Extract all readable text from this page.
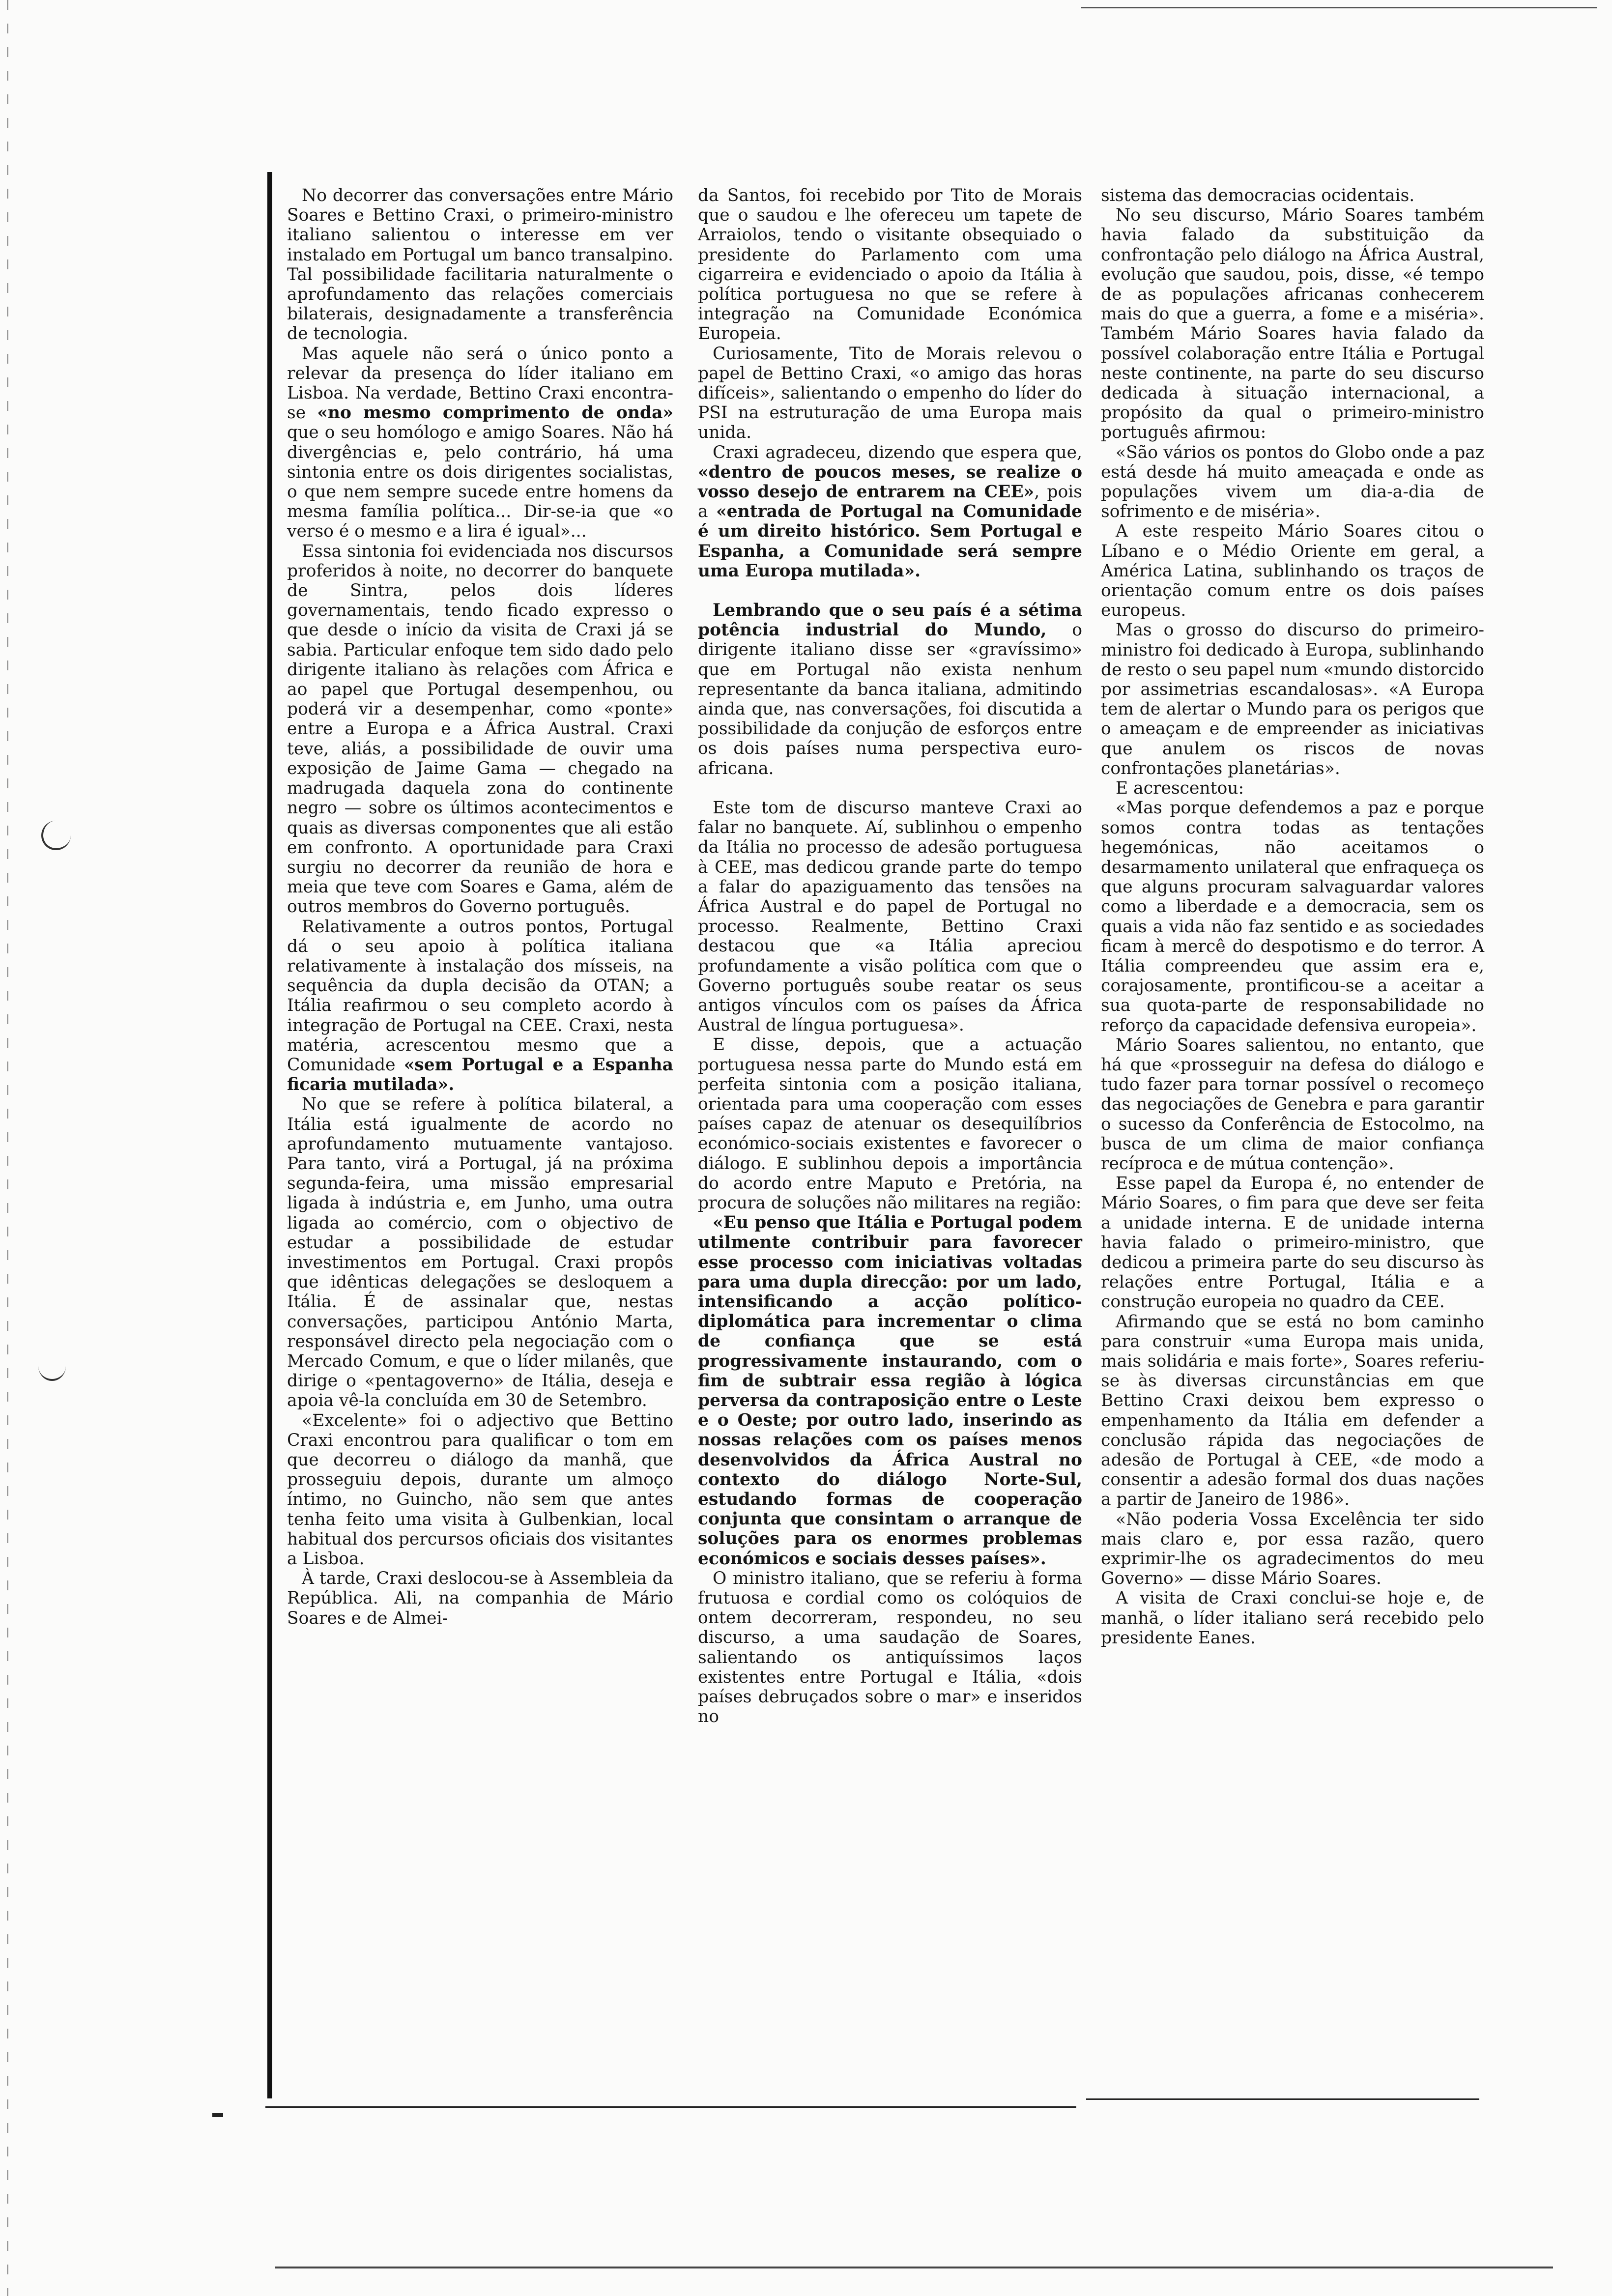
No decorrer das conversações entre Mário Soares e Bettino Craxi, o primeiro-ministro italiano salientou o interesse em ver instalado em Portugal um banco transalpino. Tal possibilidade facilitaria naturalmente o aprofundamento das relações comerciais bilaterais, designadamente a transferência de tecnologia.

Mas aquele não será o único ponto a relevar da presença do líder italiano em Lisboa. Na verdade, Bettino Craxi encontra-se «no mesmo comprimento de onda» que o seu homólogo e amigo Soares. Não há divergências e, pelo contrário, há uma sintonia entre os dois dirigentes socialistas, o que nem sempre sucede entre homens da mesma família política... Dir-se-ia que «o verso é o mesmo e a lira é igual»...

Essa sintonia foi evidenciada nos discursos proferidos à noite, no decorrer do banquete de Sintra, pelos dois líderes governamentais, tendo ficado expresso o que desde o início da visita de Craxi já se sabia. Particular enfoque tem sido dado pelo dirigente italiano às relações com África e ao papel que Portugal desempenhou, ou poderá vir a desempenhar, como «ponte» entre a Europa e a África Austral. Craxi teve, aliás, a possibilidade de ouvir uma exposição de Jaime Gama — chegado na madrugada daquela zona do continente negro — sobre os últimos acontecimentos e quais as diversas componentes que ali estão em confronto. A oportunidade para Craxi surgiu no decorrer da reunião de hora e meia que teve com Soares e Gama, além de outros membros do Governo português.

Relativamente a outros pontos, Portugal dá o seu apoio à política italiana relativamente à instalação dos mísseis, na sequência da dupla decisão da OTAN; a Itália reafirmou o seu completo acordo à integração de Portugal na CEE. Craxi, nesta matéria, acrescentou mesmo que a Comunidade «sem Portugal e a Espanha ficaria mutilada».

No que se refere à política bilateral, a Itália está igualmente de acordo no aprofundamento mutuamente vantajoso. Para tanto, virá a Portugal, já na próxima segunda-feira, uma missão empresarial ligada à indústria e, em Junho, uma outra ligada ao comércio, com o objectivo de estudar a possibilidade de estudar investimentos em Portugal. Craxi propôs que idênticas delegações se desloquem a Itália. É de assinalar que, nestas conversações, participou António Marta, responsável directo pela negociação com o Mercado Comum, e que o líder milanês, que dirige o «pentagoverno» de Itália, deseja e apoia vê-la concluída em 30 de Setembro.

«Excelente» foi o adjectivo que Bettino Craxi encontrou para qualificar o tom em que decorreu o diálogo da manhã, que prosseguiu depois, durante um almoço íntimo, no Guincho, não sem que antes tenha feito uma visita à Gulbenkian, local habitual dos percursos oficiais dos visitantes a Lisboa.

À tarde, Craxi deslocou-se à Assembleia da República. Ali, na companhia de Mário Soares e de Almei-

da Santos, foi recebido por Tito de Morais que o saudou e lhe ofereceu um tapete de Arraiolos, tendo o visitante obsequiado o presidente do Parlamento com uma cigarreira e evidenciado o apoio da Itália à política portuguesa no que se refere à integração na Comunidade Económica Europeia.

Curiosamente, Tito de Morais relevou o papel de Bettino Craxi, «o amigo das horas difíceis», salientando o empenho do líder do PSI na estruturação de uma Europa mais unida.

Craxi agradeceu, dizendo que espera que, «dentro de poucos meses, se realize o vosso desejo de entrarem na CEE», pois a «entrada de Portugal na Comunidade é um direito histórico. Sem Portugal e Espanha, a Comunidade será sempre uma Europa mutilada».

Lembrando que o seu país é a sétima potência industrial do Mundo, o dirigente italiano disse ser «gravíssimo» que em Portugal não exista nenhum representante da banca italiana, admitindo ainda que, nas conversações, foi discutida a possibilidade da conjução de esforços entre os dois países numa perspectiva euro-africana.

Este tom de discurso manteve Craxi ao falar no banquete. Aí, sublinhou o empenho da Itália no processo de adesão portuguesa à CEE, mas dedicou grande parte do tempo a falar do apaziguamento das tensões na África Austral e do papel de Portugal no processo. Realmente, Bettino Craxi destacou que «a Itália apreciou profundamente a visão política com que o Governo português soube reatar os seus antigos vínculos com os países da África Austral de língua portuguesa».

E disse, depois, que a actuação portuguesa nessa parte do Mundo está em perfeita sintonia com a posição italiana, orientada para uma cooperação com esses países capaz de atenuar os desequilíbrios económico-sociais existentes e favorecer o diálogo. E sublinhou depois a importância do acordo entre Maputo e Pretória, na procura de soluções não militares na região:

«Eu penso que Itália e Portugal podem utilmente contribuir para favorecer esse processo com iniciativas voltadas para uma dupla direcção: por um lado, intensificando a acção político-diplomática para incrementar o clima de confiança que se está progressivamente instaurando, com o fim de subtrair essa região à lógica perversa da contraposição entre o Leste e o Oeste; por outro lado, inserindo as nossas relações com os países menos desenvolvidos da África Austral no contexto do diálogo Norte-Sul, estudando formas de cooperação conjunta que consintam o arranque de soluções para os enormes problemas económicos e sociais desses países».

O ministro italiano, que se referiu à forma frutuosa e cordial como os colóquios de ontem decorreram, respondeu, no seu discurso, a uma saudação de Soares, salientando os antiquíssimos laços existentes entre Portugal e Itália, «dois países debruçados sobre o mar» e inseridos no

sistema das democracias ocidentais.

No seu discurso, Mário Soares também havia falado da substituição da confrontação pelo diálogo na África Austral, evolução que saudou, pois, disse, «é tempo de as populações africanas conhecerem mais do que a guerra, a fome e a miséria». Também Mário Soares havia falado da possível colaboração entre Itália e Portugal neste continente, na parte do seu discurso dedicada à situação internacional, a propósito da qual o primeiro-ministro português afirmou:

«São vários os pontos do Globo onde a paz está desde há muito ameaçada e onde as populações vivem um dia-a-dia de sofrimento e de miséria».

A este respeito Mário Soares citou o Líbano e o Médio Oriente em geral, a América Latina, sublinhando os traços de orientação comum entre os dois países europeus.

Mas o grosso do discurso do primeiro-ministro foi dedicado à Europa, sublinhando de resto o seu papel num «mundo distorcido por assimetrias escandalosas». «A Europa tem de alertar o Mundo para os perigos que o ameaçam e de empreender as iniciativas que anulem os riscos de novas confrontações planetárias».

E acrescentou:

«Mas porque defendemos a paz e porque somos contra todas as tentações hegemónicas, não aceitamos o desarmamento unilateral que enfraqueça os que alguns procuram salvaguardar valores como a liberdade e a democracia, sem os quais a vida não faz sentido e as sociedades ficam à mercê do despotismo e do terror. A Itália compreendeu que assim era e, corajosamente, prontificou-se a aceitar a sua quota-parte de responsabilidade no reforço da capacidade defensiva europeia».

Mário Soares salientou, no entanto, que há que «prosseguir na defesa do diálogo e tudo fazer para tornar possível o recomeço das negociações de Genebra e para garantir o sucesso da Conferência de Estocolmo, na busca de um clima de maior confiança recíproca e de mútua contenção».

Esse papel da Europa é, no entender de Mário Soares, o fim para que deve ser feita a unidade interna. E de unidade interna havia falado o primeiro-ministro, que dedicou a primeira parte do seu discurso às relações entre Portugal, Itália e a construção europeia no quadro da CEE.

Afirmando que se está no bom caminho para construir «uma Europa mais unida, mais solidária e mais forte», Soares referiu-se às diversas circunstâncias em que Bettino Craxi deixou bem expresso o empenhamento da Itália em defender a conclusão rápida das negociações de adesão de Portugal à CEE, «de modo a consentir a adesão formal dos duas nações a partir de Janeiro de 1986».

«Não poderia Vossa Excelência ter sido mais claro e, por essa razão, quero exprimir-lhe os agradecimentos do meu Governo» — disse Mário Soares.

A visita de Craxi conclui-se hoje e, de manhã, o líder italiano será recebido pelo presidente Eanes.
